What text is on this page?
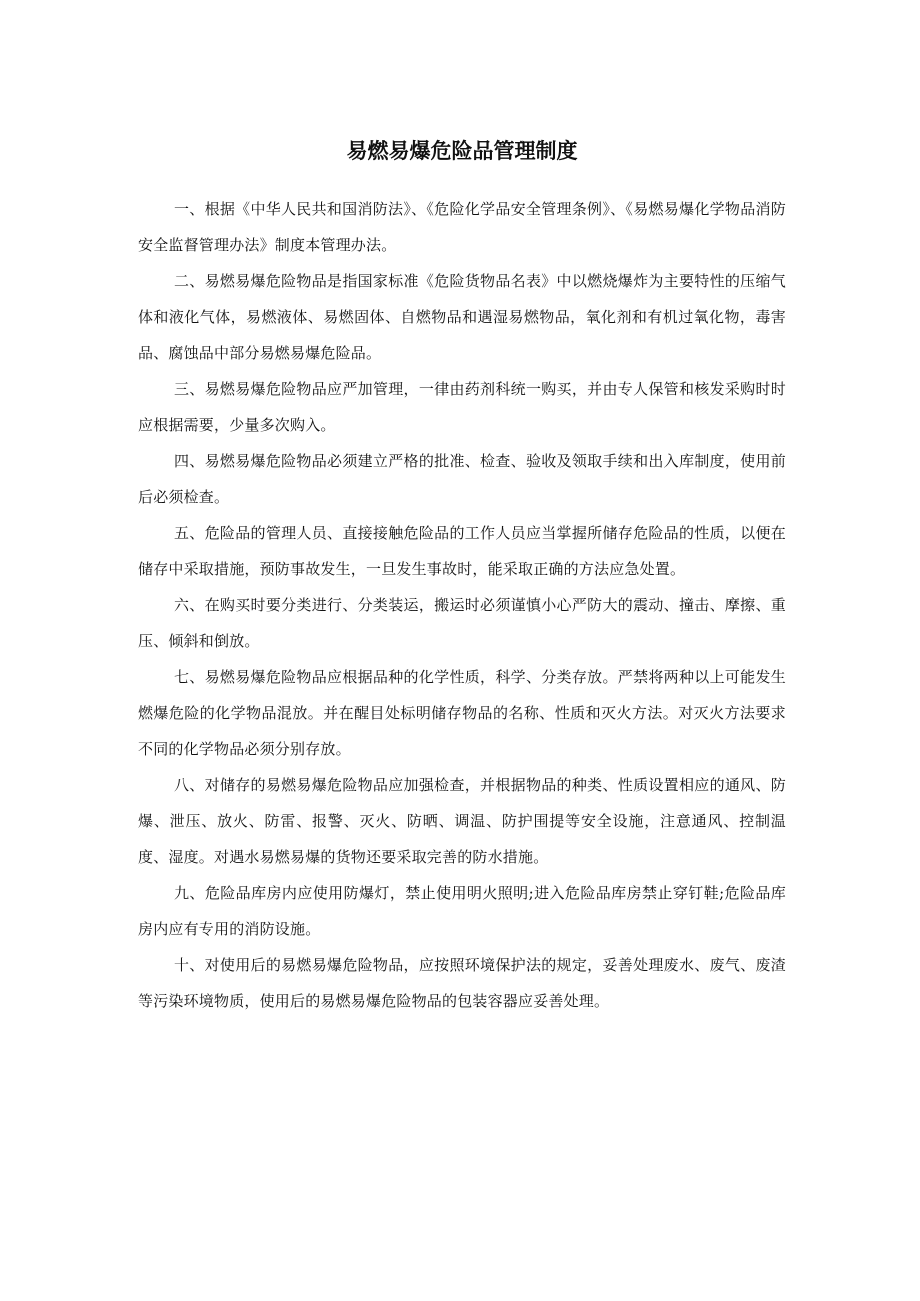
易燃易爆危险品管理制度

一、根据《中华人民共和国消防法》、《危险化学品安全管理条例》、《易燃易爆化学物品消防安全监督管理办法》制度本管理办法。

二、易燃易爆危险物品是指国家标准《危险货物品名表》中以燃烧爆炸为主要特性的压缩气体和液化气体，易燃液体、易燃固体、自燃物品和遇湿易燃物品，氧化剂和有机过氧化物，毒害品、腐蚀品中部分易燃易爆危险品。

三、易燃易爆危险物品应严加管理，一律由药剂科统一购买，并由专人保管和核发采购时时应根据需要，少量多次购入。

四、易燃易爆危险物品必须建立严格的批准、检查、验收及领取手续和出入库制度，使用前后必须检查。

五、危险品的管理人员、直接接触危险品的工作人员应当掌握所储存危险品的性质，以便在储存中采取措施，预防事故发生，一旦发生事故时，能采取正确的方法应急处置。

六、在购买时要分类进行、分类装运，搬运时必须谨慎小心严防大的震动、撞击、摩擦、重压、倾斜和倒放。

七、易燃易爆危险物品应根据品种的化学性质，科学、分类存放。严禁将两种以上可能发生燃爆危险的化学物品混放。并在醒目处标明储存物品的名称、性质和灭火方法。对灭火方法要求不同的化学物品必须分别存放。

八、对储存的易燃易爆危险物品应加强检查，并根据物品的种类、性质设置相应的通风、防爆、泄压、放火、防雷、报警、灭火、防晒、调温、防护围提等安全设施，注意通风、控制温度、湿度。对遇水易燃易爆的货物还要采取完善的防水措施。

九、危险品库房内应使用防爆灯，禁止使用明火照明;进入危险品库房禁止穿钉鞋;危险品库房内应有专用的消防设施。

十、对使用后的易燃易爆危险物品，应按照环境保护法的规定，妥善处理废水、废气、废渣等污染环境物质，使用后的易燃易爆危险物品的包装容器应妥善处理。
